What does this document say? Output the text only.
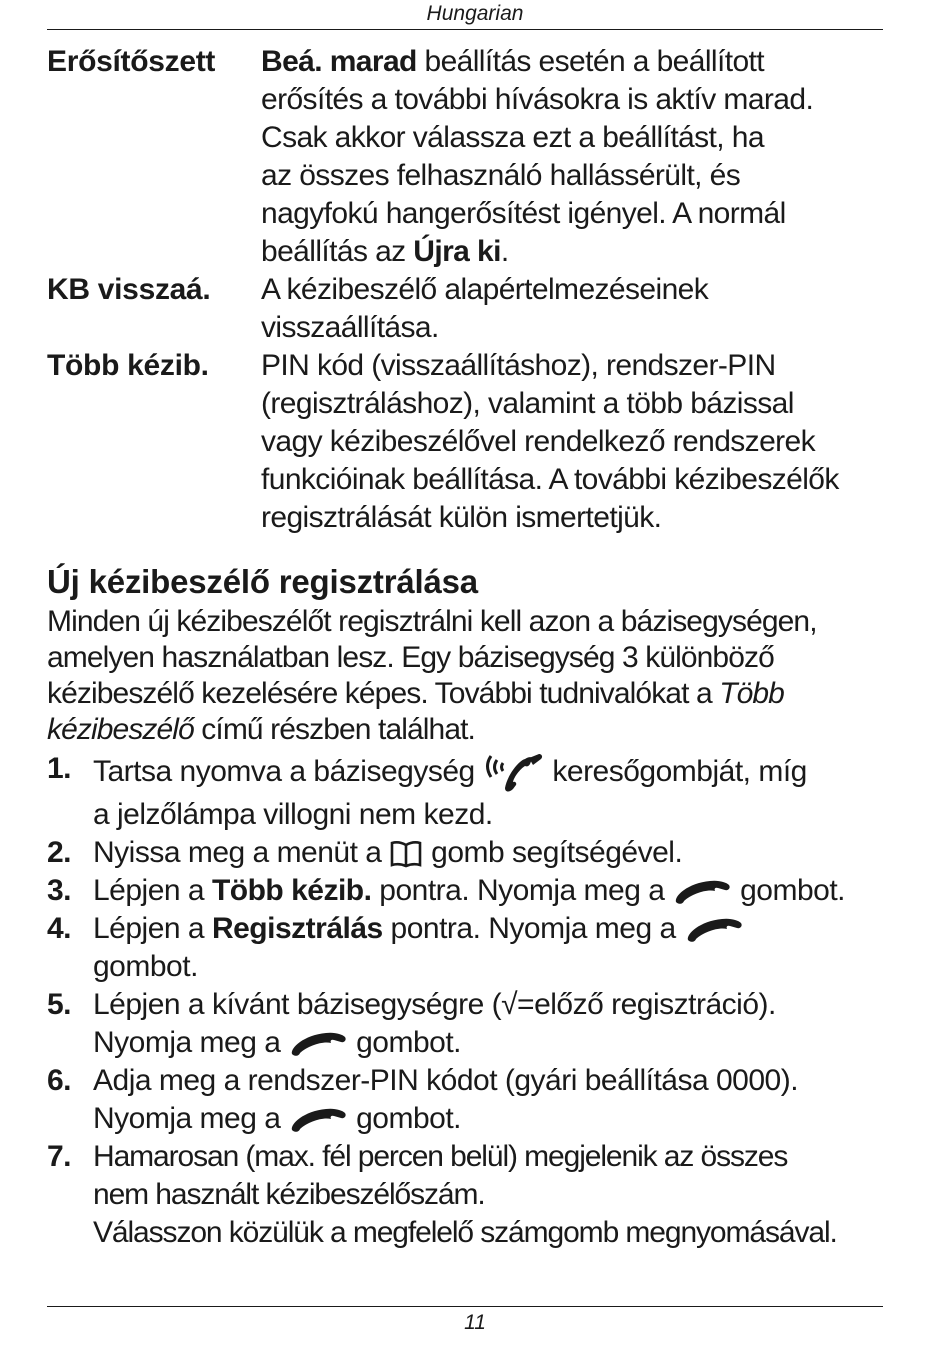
Hungarian
Erősítőszett Beá. marad beállítás esetén a beállított
erősítés a további hívásokra is aktív marad.
Csak akkor válassza ezt a beállítást, ha
az összes felhasználó hallássérült, és
nagyfokú hangerősítést igényel. A normál
beállítás az Újra ki.
KB visszaá. A kézibeszélő alapértelmezéseinek
visszaállítása.
Több kézib. PIN kód (visszaállításhoz), rendszer-PIN
(regisztráláshoz), valamint a több bázissal
vagy kézibeszélővel rendelkező rendszerek
funkcióinak beállítása. A további kézibeszélők
regisztrálását külön ismertetjük.
Új kézibeszélő regisztrálása
Minden új kézibeszélőt regisztrálni kell azon a bázisegységen,
amelyen használatban lesz. Egy bázisegység 3 különböző
kézibeszélő kezelésére képes. További tudnivalókat a Több
kézibeszélő című részben találhat.
1. Tartsa nyomva a bázisegység
keresőgombját, míg
a jelzőlámpa villogni nem kezd.
2. Nyissa meg a menüt a
gomb segítségével.
3. Lépjen a Több kézib. pontra. Nyomja meg a
gombot.
4. Lépjen a Regisztrálás pontra. Nyomja meg a
gombot.
5. Lépjen a kívánt bázisegységre (√=előző regisztráció).
Nyomja meg a
gombot.
6. Adja meg a rendszer-PIN kódot (gyári beállítása 0000).
Nyomja meg a
gombot.
7. Hamarosan (max. fél percen belül) megjelenik az összes
nem használt kézibeszélőszám.
Válasszon közülük a megfelelő számgomb megnyomásával.
11
